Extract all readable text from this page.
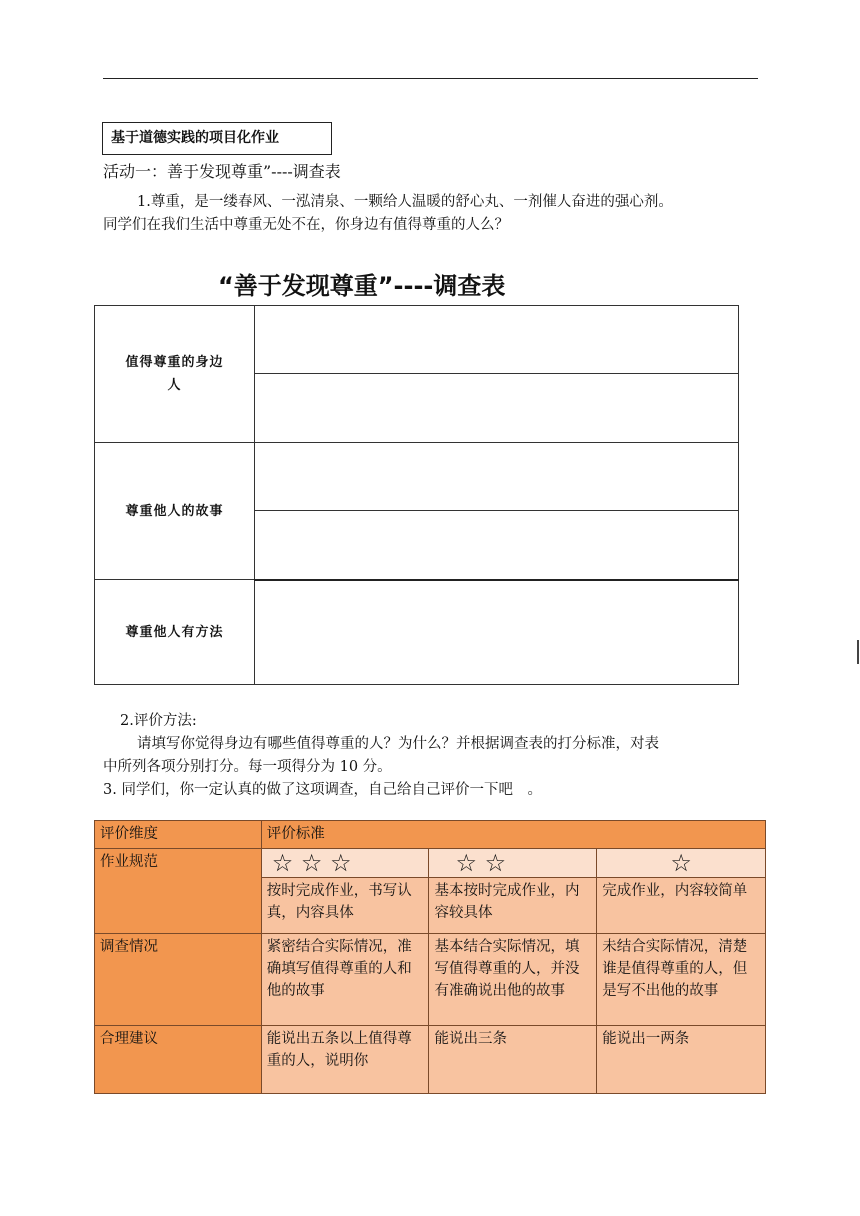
基于道德实践的项目化作业
活动一：善于发现尊重”----调查表
1.尊重，是一缕春风、一泓清泉、一颗给人温暖的舒心丸、一剂催人奋进的强心剂。
同学们在我们生活中尊重无处不在，你身边有值得尊重的人么？
“善于发现尊重”----调查表
值得尊重的身边
人	

尊重他人的故事	

尊重他人有方法	

2.评价方法:
请填写你觉得身边有哪些值得尊重的人？为什么？并根据调查表的打分标准，对表
中所列各项分别打分。每一项得分为 10 分。
3. 同学们，你一定认真的做了这项调查，自己给自己评价一下吧　。
评价维度	评价标准		
作业规范	☆ ☆ ☆	☆ ☆	☆
	按时完成作业，书写认真，内容具体	基本按时完成作业，内容较具体	完成作业，内容较简单
调查情况	紧密结合实际情况，准确填写值得尊重的人和他的故事	基本结合实际情况，填写值得尊重的人，并没有准确说出他的故事	未结合实际情况，清楚谁是值得尊重的人，但是写不出他的故事
合理建议	能说出五条以上值得尊重的人，说明你	能说出三条	能说出一两条
